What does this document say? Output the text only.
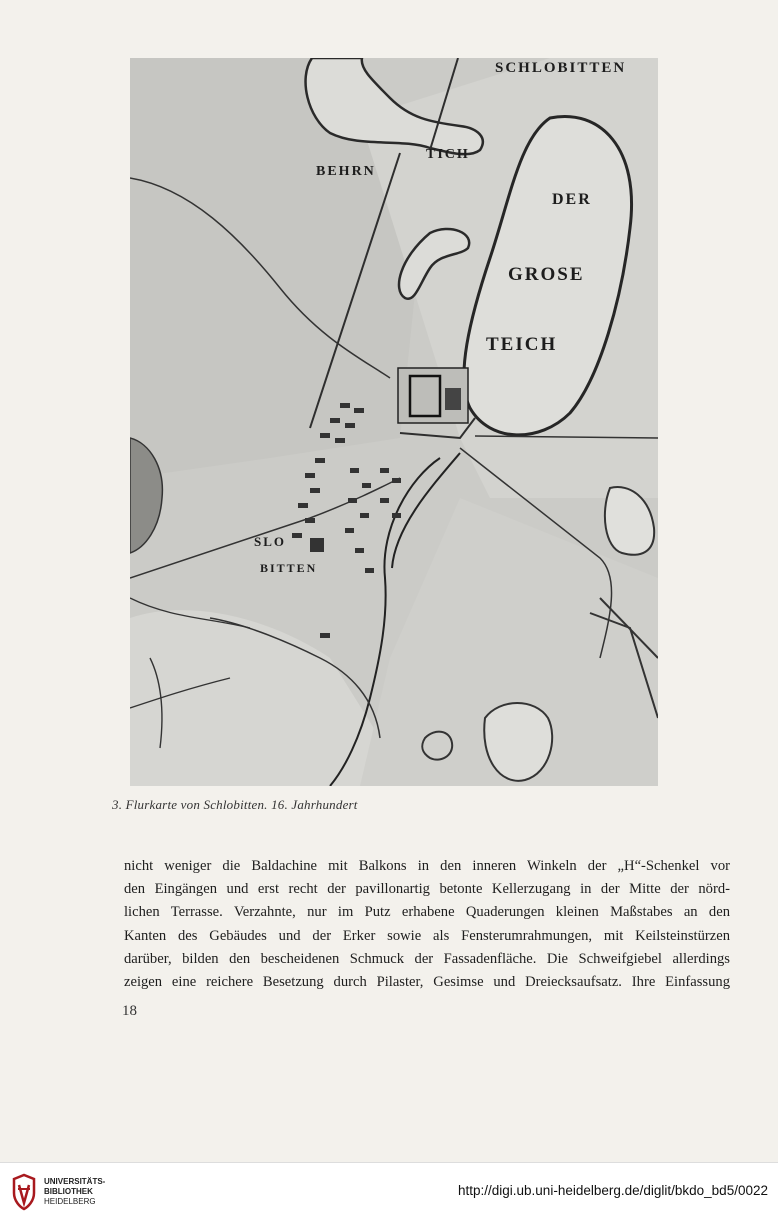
SCHLOBITTEN
BEHRN
TICH
DER
GROSE
TEICH
SLO
BITTEN
3. Flurkarte von Schlobitten. 16. Jahrhundert
nicht weniger die Baldachine mit Balkons in den inneren Winkeln der „H“-Schenkel vor
den Eingängen und erst recht der pavillonartig betonte Kellerzugang in der Mitte der nörd-
lichen Terrasse. Verzahnte, nur im Putz erhabene Quaderungen kleinen Maßstabes an den
Kanten des Gebäudes und der Erker sowie als Fensterumrahmungen, mit Keilsteinstürzen
darüber, bilden den bescheidenen Schmuck der Fassadenfläche. Die Schweifgiebel allerdings
zeigen eine reichere Besetzung durch Pilaster, Gesimse und Dreiecksaufsatz. Ihre Einfassung
18
UNIVERSITÄTS-
BIBLIOTHEK
HEIDELBERG
http://digi.ub.uni-heidelberg.de/diglit/bkdo_bd5/0022
